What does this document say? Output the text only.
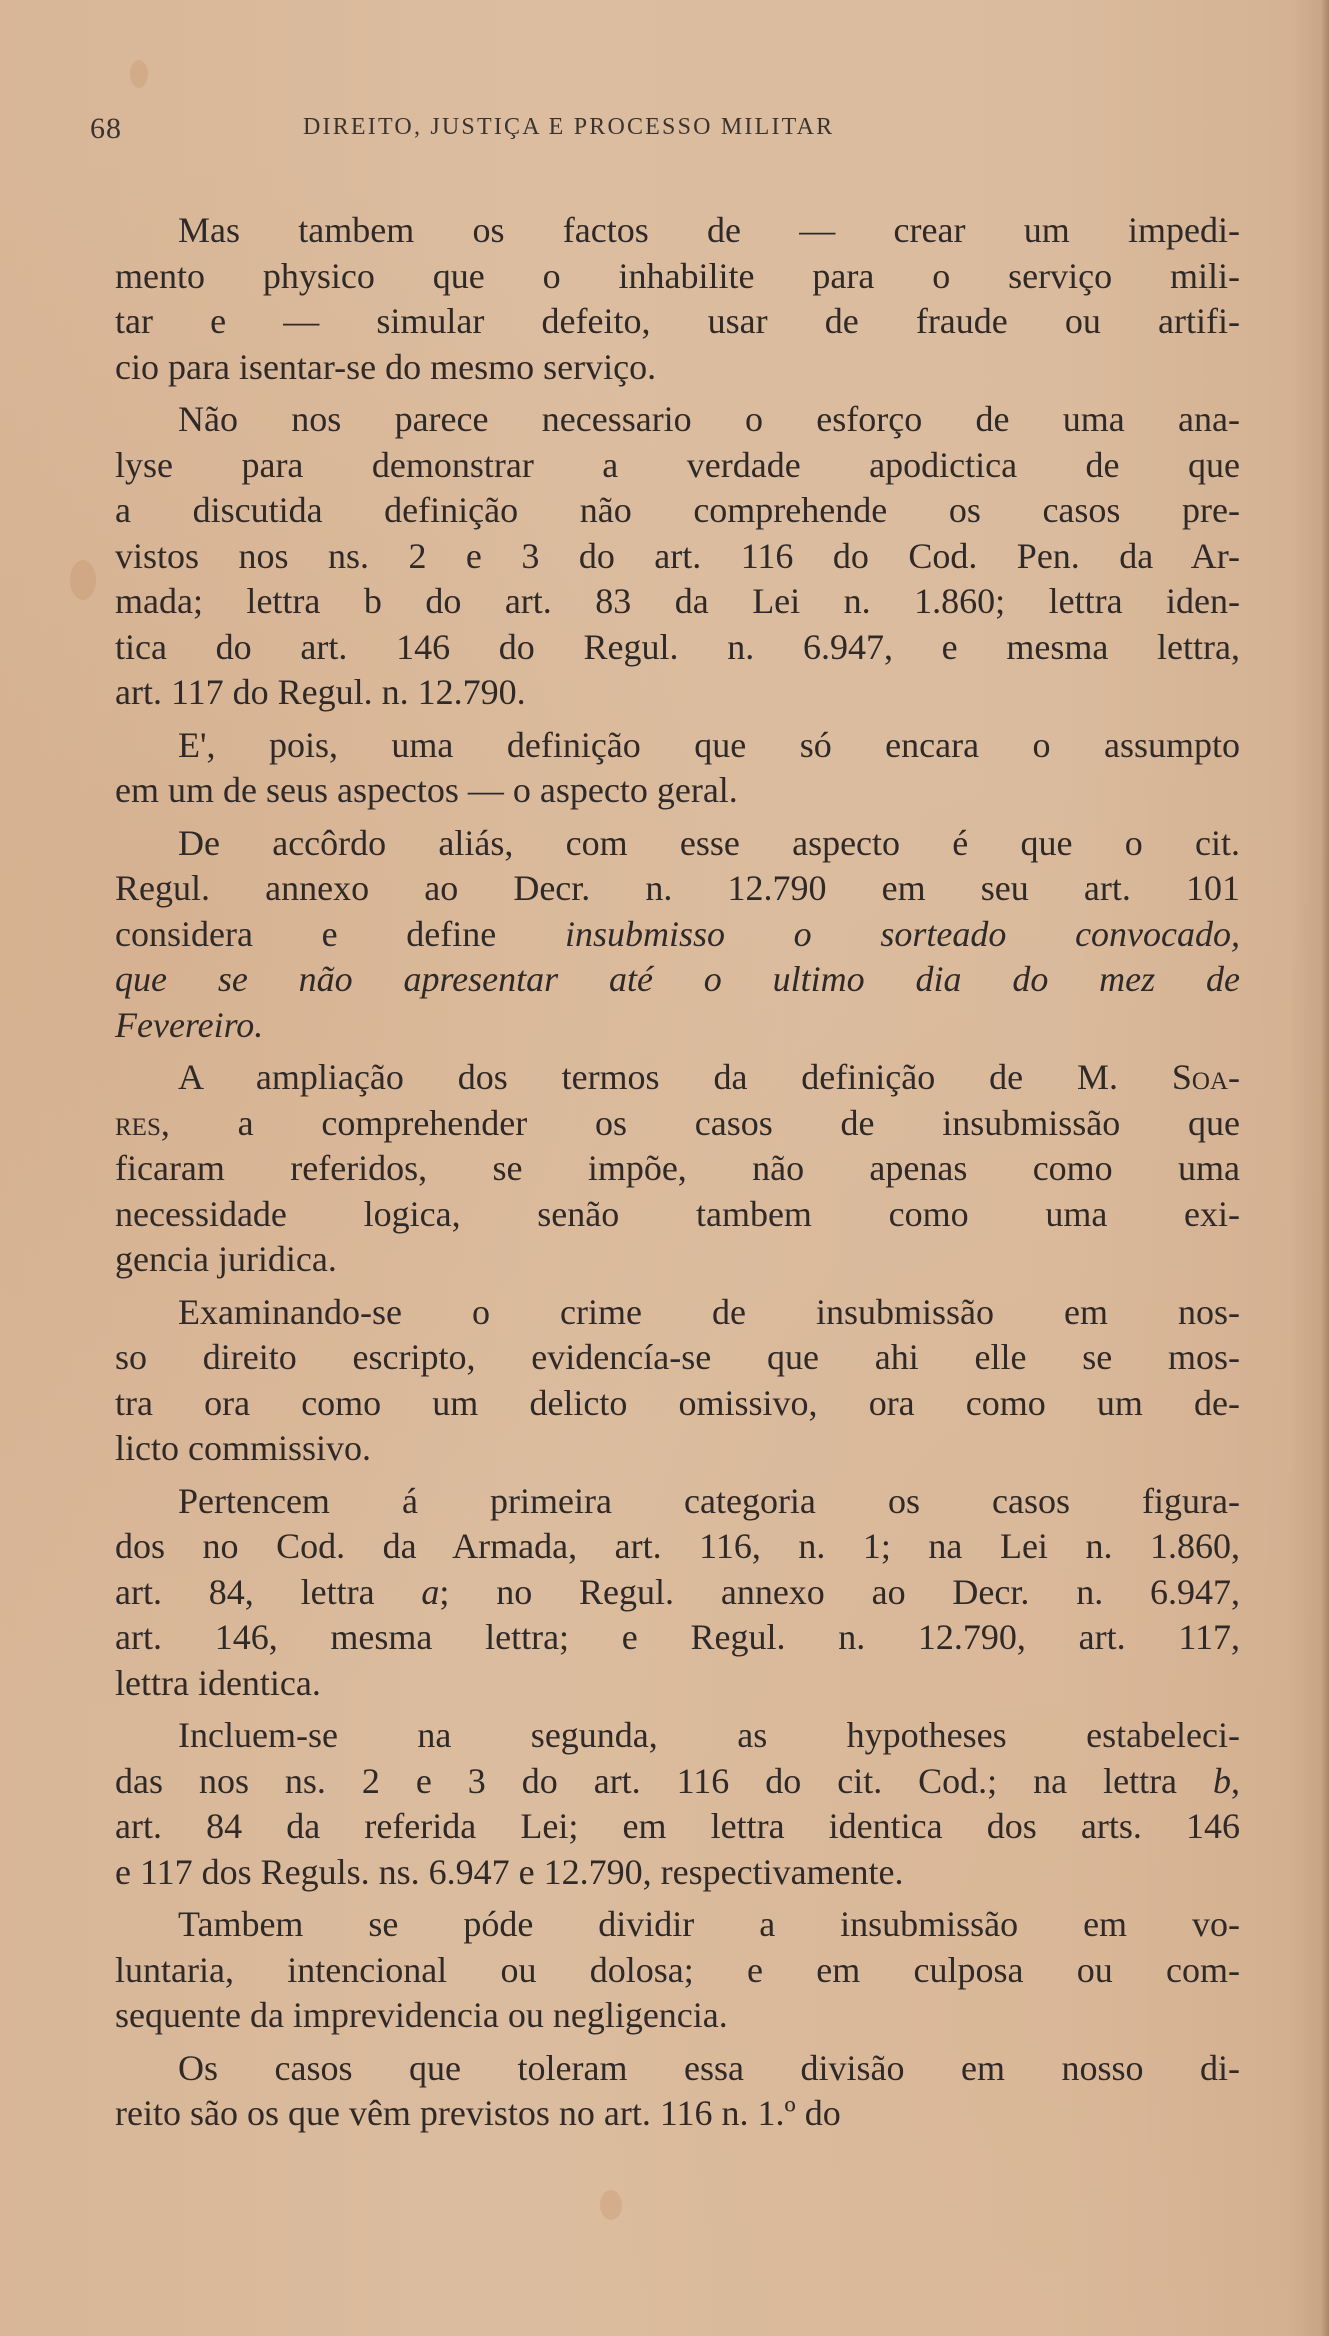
68	DIREITO, JUSTIÇA E PROCESSO MILITAR
Mas tambem os factos de — crear um impedi-
mento physico que o inhabilite para o serviço mili-
tar e — simular defeito, usar de fraude ou artifi-
cio para isentar-se do mesmo serviço.
Não nos parece necessario o esforço de uma ana-
lyse para demonstrar a verdade apodictica de que
a discutida definição não comprehende os casos pre-
vistos nos ns. 2 e 3 do art. 116 do Cod. Pen. da Ar-
mada; lettra b do art. 83 da Lei n. 1.860; lettra iden-
tica do art. 146 do Regul. n. 6.947, e mesma lettra,
art. 117 do Regul. n. 12.790.
E', pois, uma definição que só encara o assumpto
em um de seus aspectos — o aspecto geral.
De accôrdo aliás, com esse aspecto é que o cit.
Regul. annexo ao Decr. n. 12.790 em seu art. 101
considera e define insubmisso o sorteado convocado,
que se não apresentar até o ultimo dia do mez de
Fevereiro.
A ampliação dos termos da definição de M. Soa-
res, a comprehender os casos de insubmissão que
ficaram referidos, se impõe, não apenas como uma
necessidade logica, senão tambem como uma exi-
gencia juridica.
Examinando-se o crime de insubmissão em nos-
so direito escripto, evidencía-se que ahi elle se mos-
tra ora como um delicto omissivo, ora como um de-
licto commissivo.
Pertencem á primeira categoria os casos figura-
dos no Cod. da Armada, art. 116, n. 1; na Lei n. 1.860,
art. 84, lettra a; no Regul. annexo ao Decr. n. 6.947,
art. 146, mesma lettra; e Regul. n. 12.790, art. 117,
lettra identica.
Incluem-se na segunda, as hypotheses estabeleci-
das nos ns. 2 e 3 do art. 116 do cit. Cod.; na lettra b,
art. 84 da referida Lei; em lettra identica dos arts. 146
e 117 dos Reguls. ns. 6.947 e 12.790, respectivamente.
Tambem se póde dividir a insubmissão em vo-
luntaria, intencional ou dolosa; e em culposa ou com-
sequente da imprevidencia ou negligencia.
Os casos que toleram essa divisão em nosso di-
reito são os que vêm previstos no art. 116 n. 1.º do
